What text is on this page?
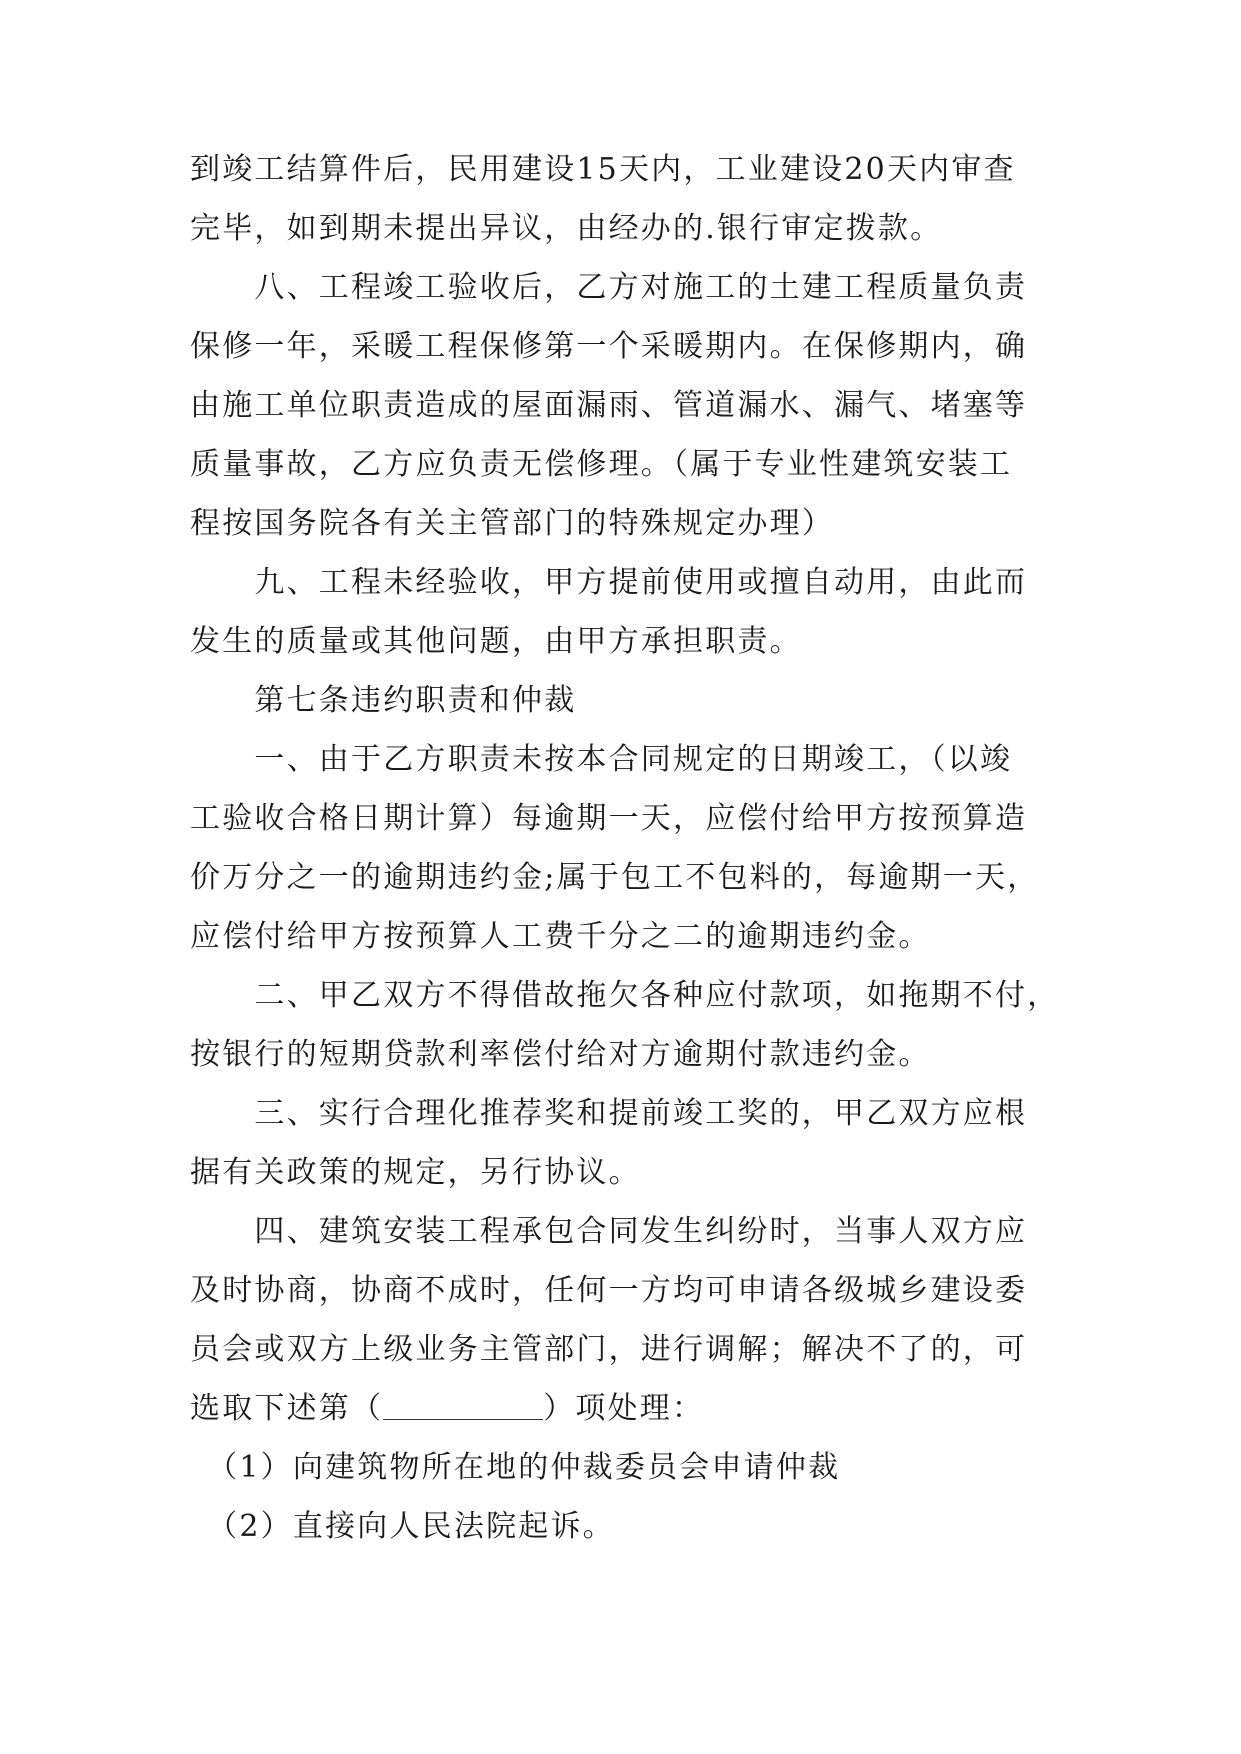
到竣工结算件后，民用建设15天内，工业建设20天内审查
完毕，如到期未提出异议，由经办的.银行审定拨款。
　　八、工程竣工验收后，乙方对施工的土建工程质量负责
保修一年，采暖工程保修第一个采暖期内。在保修期内，确
由施工单位职责造成的屋面漏雨、管道漏水、漏气、堵塞等
质量事故，乙方应负责无偿修理。（属于专业性建筑安装工
程按国务院各有关主管部门的特殊规定办理）
　　九、工程未经验收，甲方提前使用或擅自动用，由此而
发生的质量或其他问题，由甲方承担职责。
　　第七条违约职责和仲裁
　　一、由于乙方职责未按本合同规定的日期竣工，（以竣
工验收合格日期计算）每逾期一天，应偿付给甲方按预算造
价万分之一的逾期违约金;属于包工不包料的，每逾期一天，
应偿付给甲方按预算人工费千分之二的逾期违约金。
　　二、甲乙双方不得借故拖欠各种应付款项，如拖期不付，
按银行的短期贷款利率偿付给对方逾期付款违约金。
　　三、实行合理化推荐奖和提前竣工奖的，甲乙双方应根
据有关政策的规定，另行协议。
　　四、建筑安装工程承包合同发生纠纷时，当事人双方应
及时协商，协商不成时，任何一方均可申请各级城乡建设委
员会或双方上级业务主管部门，进行调解；解决不了的，可
选取下述第（	）项处理：
　（1）向建筑物所在地的仲裁委员会申请仲裁
　（2）直接向人民法院起诉。
